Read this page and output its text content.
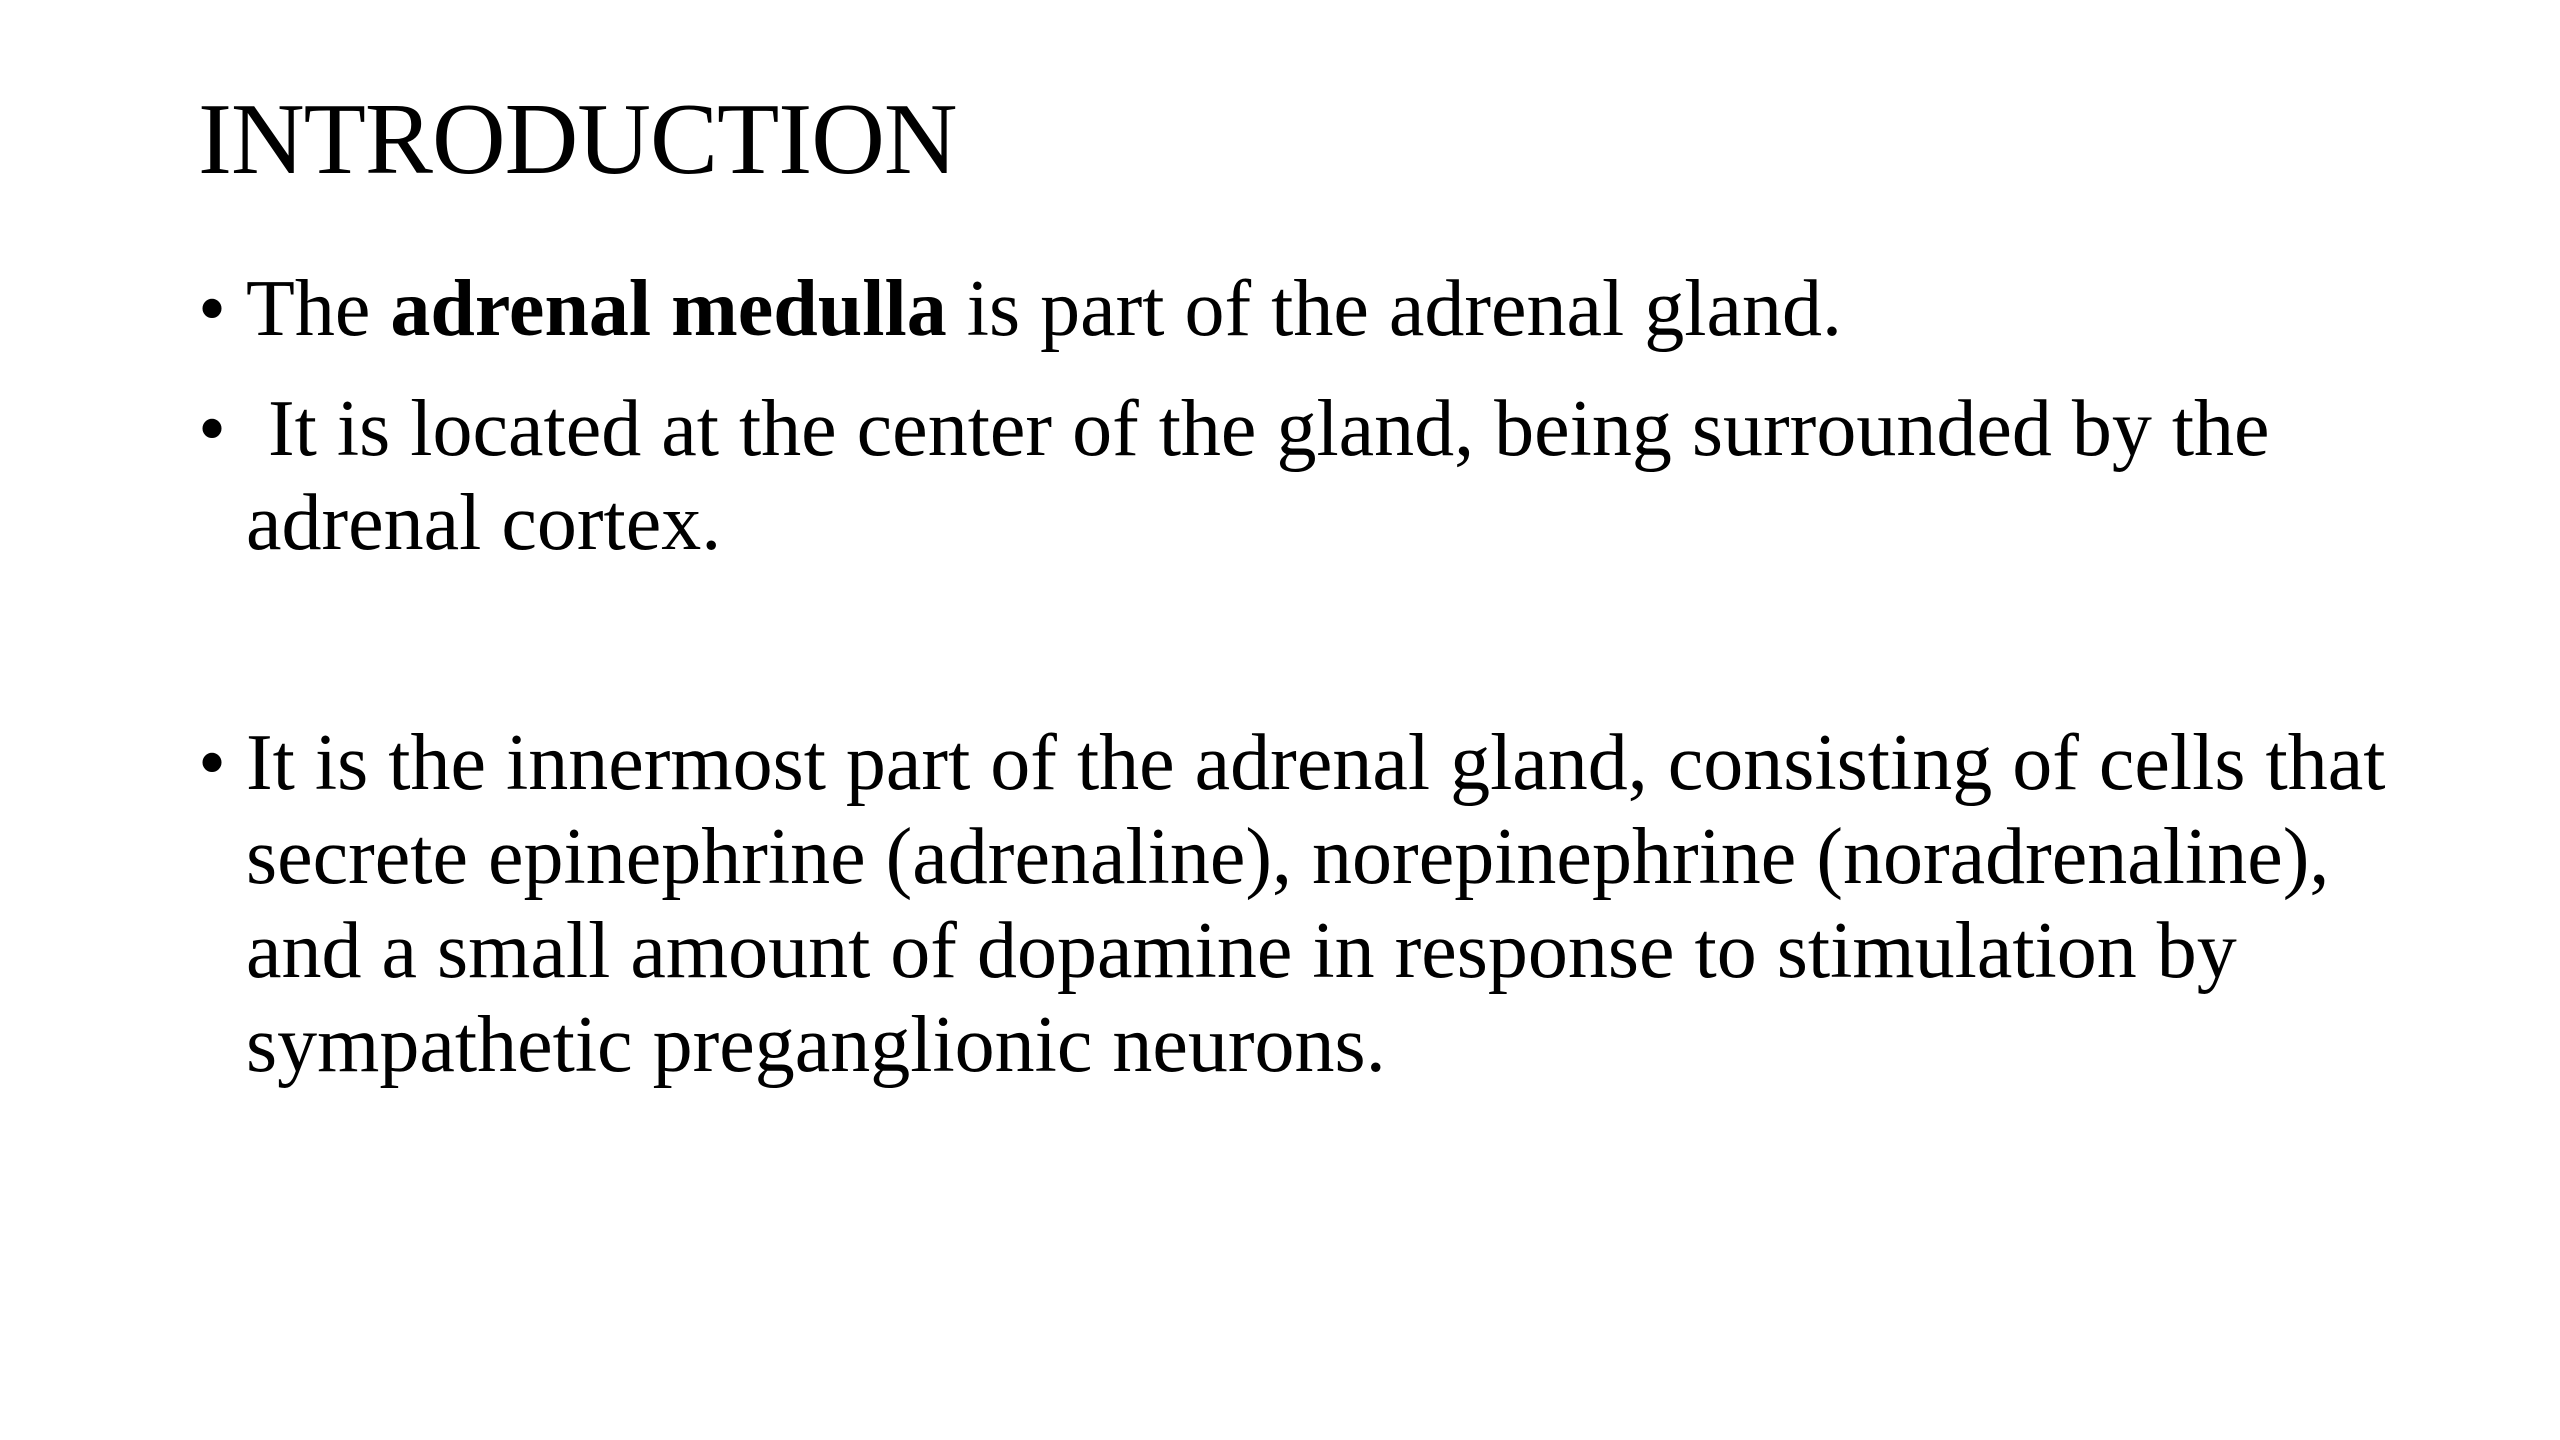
INTRODUCTION
• The adrenal medulla is part of the adrenal gland.
• It is located at the center of the gland, being surrounded by the adrenal cortex.
• It is the innermost part of the adrenal gland, consisting of cells that secrete epinephrine (adrenaline), norepinephrine (noradrenaline), and a small amount of dopamine in response to stimulation by sympathetic preganglionic neurons.
